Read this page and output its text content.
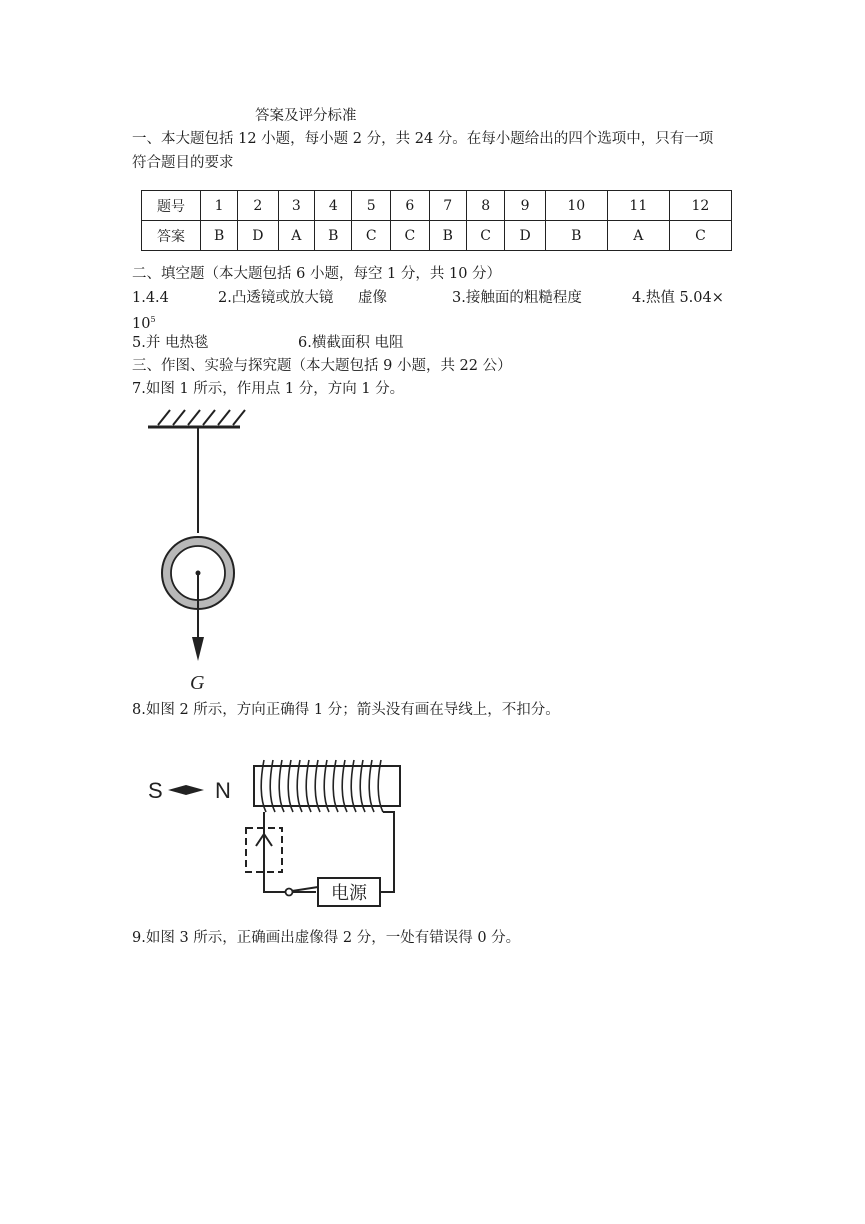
答案及评分标准
一、本大题包括 12 小题，每小题 2 分，共 24 分。在每小题给出的四个选项中，只有一项
符合题目的要求
题号	1	2	3	4	5	6	7	8	9	10	11	12
答案	B	D	A	B	C	C	B	C	D	B	A	C
二、填空题（本大题包括 6 小题，每空 1 分，共 10 分）
1.4.4	2.凸透镜或放大镜 虚像	3.接触面的粗糙程度	4.热值 5.04×
$10^5$
5.并 电热毯	6.横截面积 电阻
三、作图、实验与探究题（本大题包括 9 小题，共 22 公）
7.如图 1 所示，作用点 1 分，方向 1 分。
G
8.如图 2 所示，方向正确得 1 分；箭头没有画在导线上，不扣分。
S N
电源
9.如图 3 所示，正确画出虚像得 2 分，一处有错误得 0 分。
